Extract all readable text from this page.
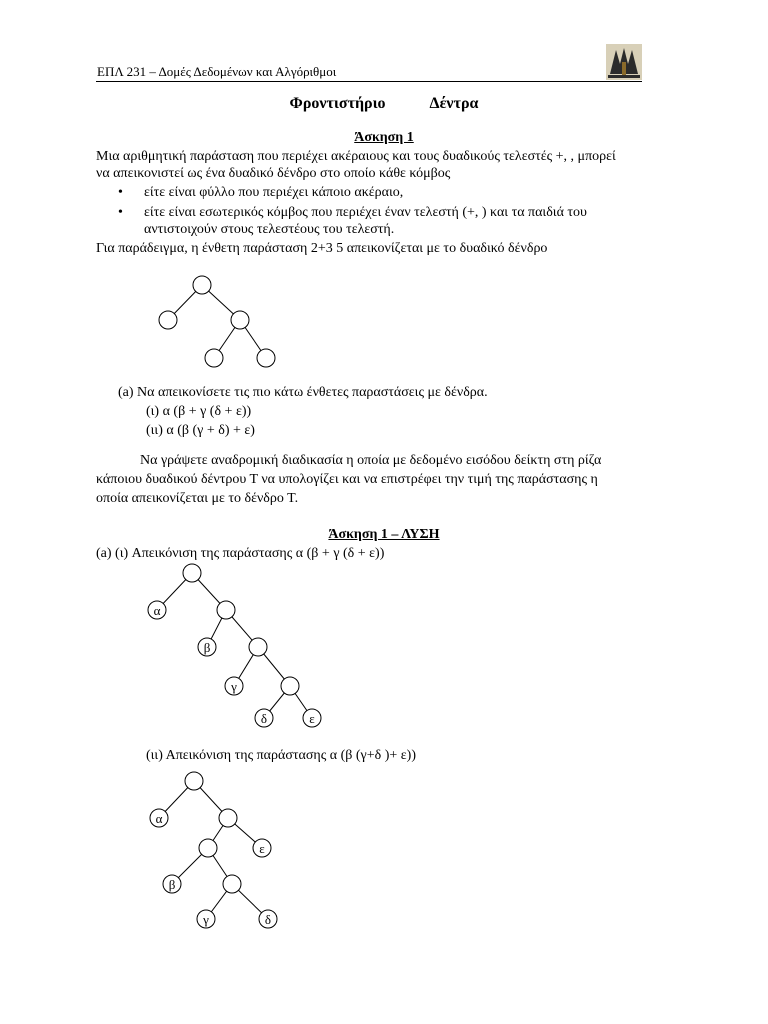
ΕΠΛ 231 – Δομές Δεδομένων και Αλγόριθμοι
Φροντιστήριο	Δέντρα
Άσκηση 1
Μια αριθμητική παράσταση που περιέχει ακέραιους και τους δυαδικούς τελεστές +, , μπορεί
να απεικονιστεί ως ένα δυαδικό δένδρο στο οποίο κάθε κόμβος
• είτε είναι φύλλο που περιέχει κάποιο ακέραιο,
• είτε είναι εσωτερικός κόμβος που περιέχει έναν τελεστή (+, ) και τα παιδιά του
αντιστοιχούν στους τελεστέους του τελεστή.
Για παράδειγμα, η ένθετη παράσταση 2+3 5 απεικονίζεται με το δυαδικό δένδρο
(a) Να απεικονίσετε τις πιο κάτω ένθετες παραστάσεις με δένδρα.
(ι) α (β + γ (δ + ε))
(ιι) α (β (γ + δ) + ε)
Να γράψετε αναδρομική διαδικασία η οποία με δεδομένο εισόδου δείκτη στη ρίζα
κάποιου δυαδικού δέντρου Τ να υπολογίζει και να επιστρέφει την τιμή της παράστασης η
οποία απεικονίζεται με το δένδρο Τ.
Άσκηση 1 – ΛΥΣΗ
(a) (ι) Απεικόνιση της παράστασης α (β + γ (δ + ε))
α
β
γ
δ	ε
(ιι) Απεικόνιση της παράστασης α (β (γ+δ )+ ε))
α
ε
β
γ	δ
